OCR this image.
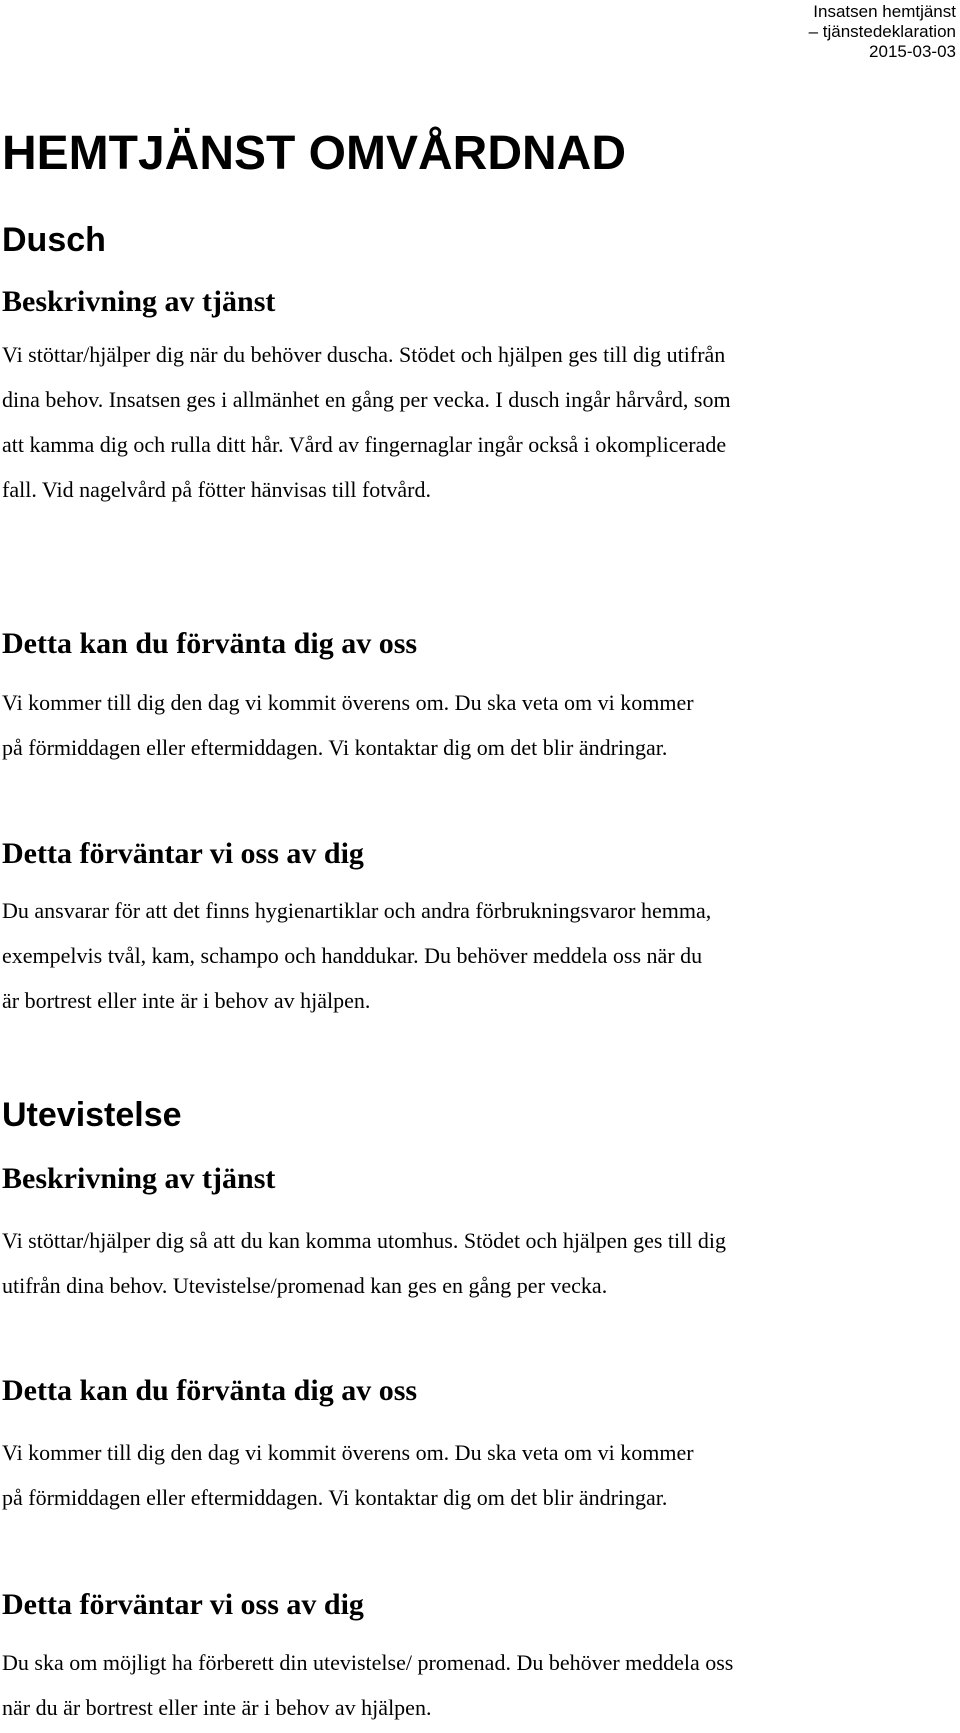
Insatsen hemtjänst
– tjänstedeklaration
2015-03-03
HEMTJÄNST OMVÅRDNAD
Dusch
Beskrivning av tjänst
Vi stöttar/hjälper dig när du behöver duscha. Stödet och hjälpen ges till dig utifrån
dina behov. Insatsen ges i allmänhet en gång per vecka. I dusch ingår hårvård, som
att kamma dig och rulla ditt hår. Vård av fingernaglar ingår också i okomplicerade
fall. Vid nagelvård på fötter hänvisas till fotvård.
Detta kan du förvänta dig av oss
Vi kommer till dig den dag vi kommit överens om. Du ska veta om vi kommer
på förmiddagen eller eftermiddagen. Vi kontaktar dig om det blir ändringar.
Detta förväntar vi oss av dig
Du ansvarar för att det finns hygienartiklar och andra förbrukningsvaror hemma,
exempelvis tvål, kam, schampo och handdukar. Du behöver meddela oss när du
är bortrest eller inte är i behov av hjälpen.
Utevistelse
Beskrivning av tjänst
Vi stöttar/hjälper dig så att du kan komma utomhus. Stödet och hjälpen ges till dig
utifrån dina behov. Utevistelse/promenad kan ges en gång per vecka.
Detta kan du förvänta dig av oss
Vi kommer till dig den dag vi kommit överens om. Du ska veta om vi kommer
på förmiddagen eller eftermiddagen. Vi kontaktar dig om det blir ändringar.
Detta förväntar vi oss av dig
Du ska om möjligt ha förberett din utevistelse/ promenad. Du behöver meddela oss
när du är bortrest eller inte är i behov av hjälpen.
